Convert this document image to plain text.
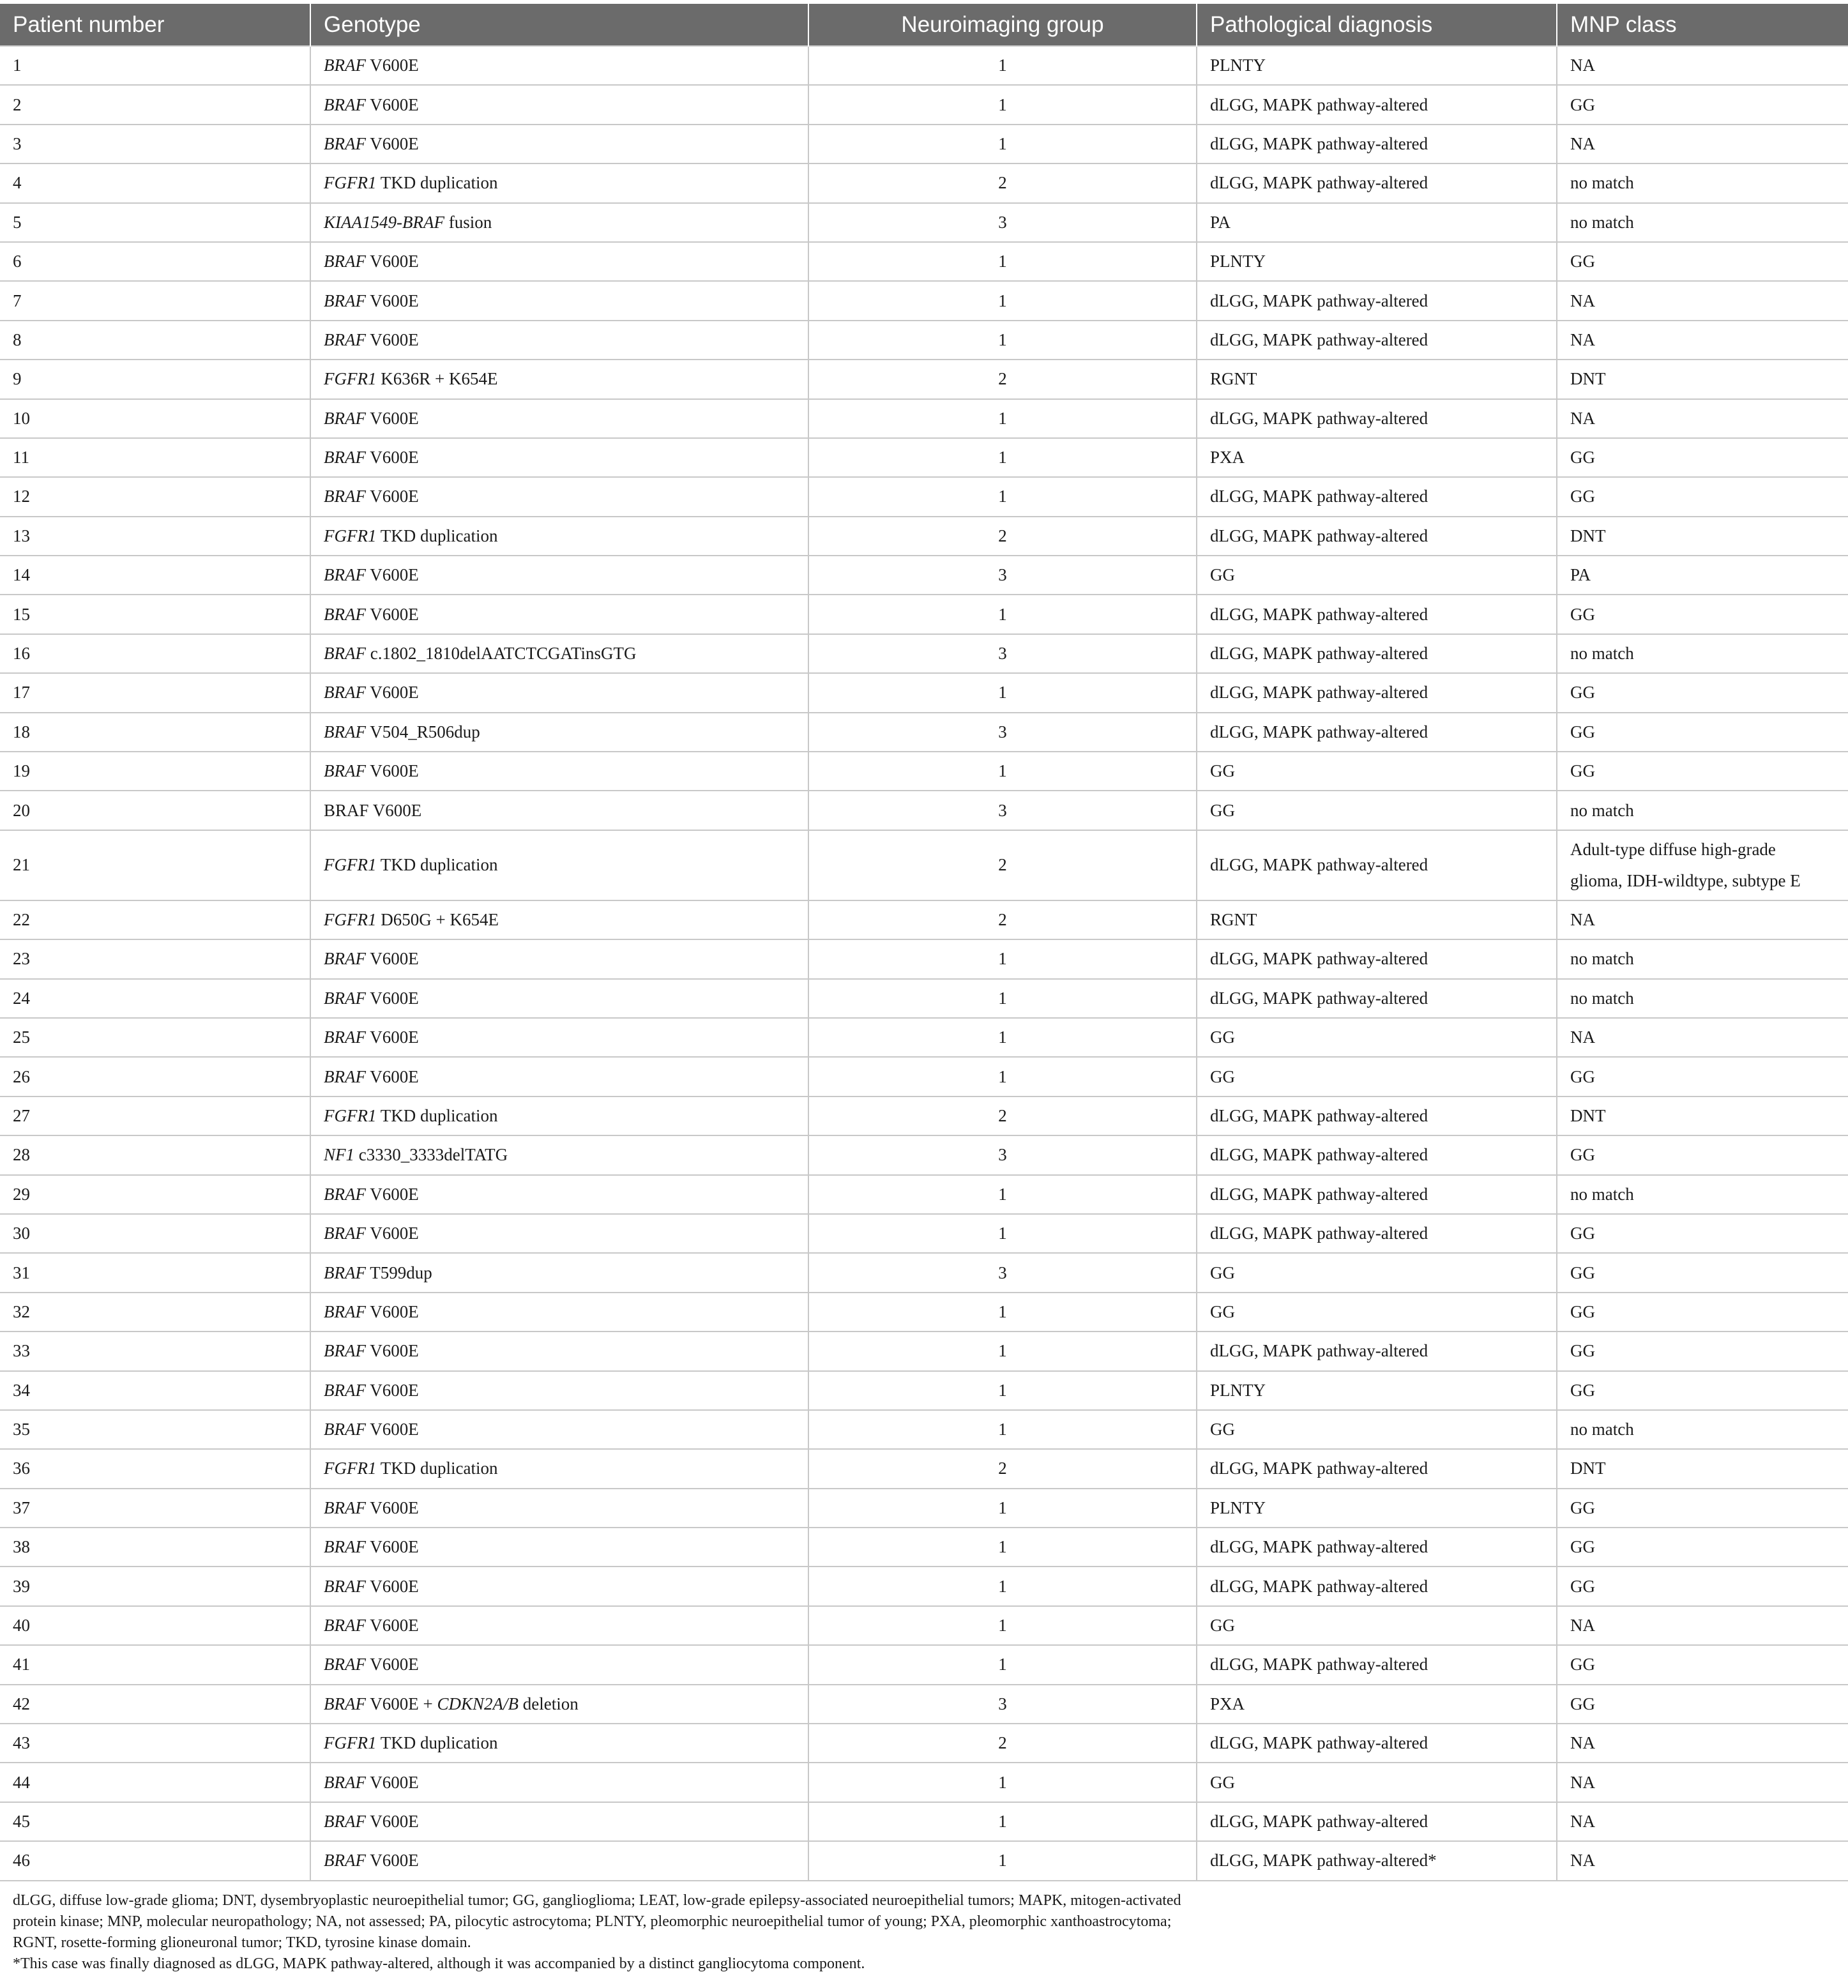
Patient number	Genotype	Neuroimaging group	Pathological diagnosis	MNP class
1	BRAF V600E	1	PLNTY	NA
2	BRAF V600E	1	dLGG, MAPK pathway-altered	GG
3	BRAF V600E	1	dLGG, MAPK pathway-altered	NA
4	FGFR1 TKD duplication	2	dLGG, MAPK pathway-altered	no match
5	KIAA1549-BRAF fusion	3	PA	no match
6	BRAF V600E	1	PLNTY	GG
7	BRAF V600E	1	dLGG, MAPK pathway-altered	NA
8	BRAF V600E	1	dLGG, MAPK pathway-altered	NA
9	FGFR1 K636R + K654E	2	RGNT	DNT
10	BRAF V600E	1	dLGG, MAPK pathway-altered	NA
11	BRAF V600E	1	PXA	GG
12	BRAF V600E	1	dLGG, MAPK pathway-altered	GG
13	FGFR1 TKD duplication	2	dLGG, MAPK pathway-altered	DNT
14	BRAF V600E	3	GG	PA
15	BRAF V600E	1	dLGG, MAPK pathway-altered	GG
16	BRAF c.1802_1810delAATCTCGATinsGTG	3	dLGG, MAPK pathway-altered	no match
17	BRAF V600E	1	dLGG, MAPK pathway-altered	GG
18	BRAF V504_R506dup	3	dLGG, MAPK pathway-altered	GG
19	BRAF V600E	1	GG	GG
20	BRAF V600E	3	GG	no match
21	FGFR1 TKD duplication	2	dLGG, MAPK pathway-altered	Adult-type diffuse high-grade
glioma, IDH-wildtype, subtype E

22	FGFR1 D650G + K654E	2	RGNT	NA
23	BRAF V600E	1	dLGG, MAPK pathway-altered	no match
24	BRAF V600E	1	dLGG, MAPK pathway-altered	no match
25	BRAF V600E	1	GG	NA
26	BRAF V600E	1	GG	GG
27	FGFR1 TKD duplication	2	dLGG, MAPK pathway-altered	DNT
28	NF1 c3330_3333delTATG	3	dLGG, MAPK pathway-altered	GG
29	BRAF V600E	1	dLGG, MAPK pathway-altered	no match
30	BRAF V600E	1	dLGG, MAPK pathway-altered	GG
31	BRAF T599dup	3	GG	GG
32	BRAF V600E	1	GG	GG
33	BRAF V600E	1	dLGG, MAPK pathway-altered	GG
34	BRAF V600E	1	PLNTY	GG
35	BRAF V600E	1	GG	no match
36	FGFR1 TKD duplication	2	dLGG, MAPK pathway-altered	DNT
37	BRAF V600E	1	PLNTY	GG
38	BRAF V600E	1	dLGG, MAPK pathway-altered	GG
39	BRAF V600E	1	dLGG, MAPK pathway-altered	GG
40	BRAF V600E	1	GG	NA
41	BRAF V600E	1	dLGG, MAPK pathway-altered	GG
42	BRAF V600E + CDKN2A/B deletion	3	PXA	GG
43	FGFR1 TKD duplication	2	dLGG, MAPK pathway-altered	NA
44	BRAF V600E	1	GG	NA
45	BRAF V600E	1	dLGG, MAPK pathway-altered	NA
46	BRAF V600E	1	dLGG, MAPK pathway-altered*	NA

dLGG, diffuse low-grade glioma; DNT, dysembryoplastic neuroepithelial tumor; GG, ganglioglioma; LEAT, low-grade epilepsy-associated neuroepithelial tumors; MAPK, mitogen-activated

protein kinase; MNP, molecular neuropathology; NA, not assessed; PA, pilocytic astrocytoma; PLNTY, pleomorphic neuroepithelial tumor of young; PXA, pleomorphic xanthoastrocytoma;

RGNT, rosette-forming glioneuronal tumor; TKD, tyrosine kinase domain.

*This case was finally diagnosed as dLGG, MAPK pathway-altered, although it was accompanied by a distinct gangliocytoma component.
